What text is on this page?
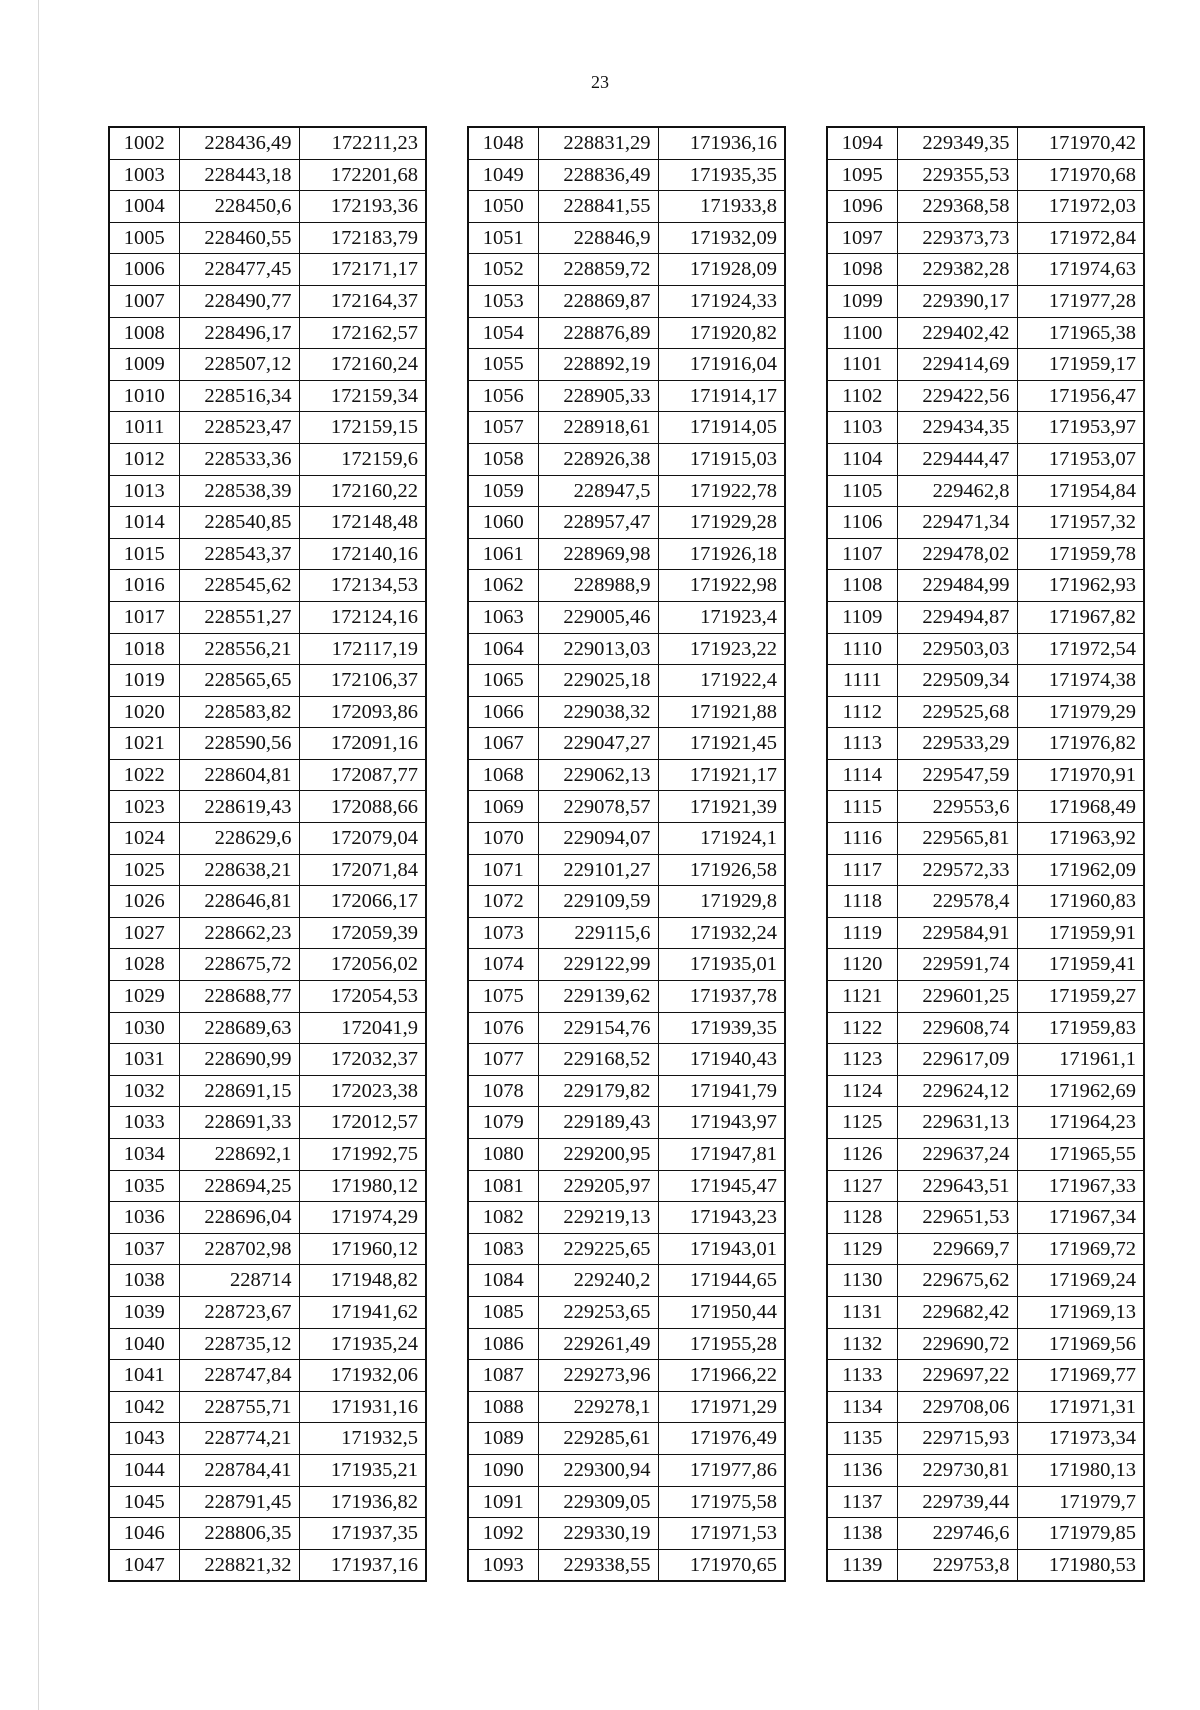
23
1002	228436,49	172211,23
1003	228443,18	172201,68
1004	228450,6	172193,36
1005	228460,55	172183,79
1006	228477,45	172171,17
1007	228490,77	172164,37
1008	228496,17	172162,57
1009	228507,12	172160,24
1010	228516,34	172159,34
1011	228523,47	172159,15
1012	228533,36	172159,6
1013	228538,39	172160,22
1014	228540,85	172148,48
1015	228543,37	172140,16
1016	228545,62	172134,53
1017	228551,27	172124,16
1018	228556,21	172117,19
1019	228565,65	172106,37
1020	228583,82	172093,86
1021	228590,56	172091,16
1022	228604,81	172087,77
1023	228619,43	172088,66
1024	228629,6	172079,04
1025	228638,21	172071,84
1026	228646,81	172066,17
1027	228662,23	172059,39
1028	228675,72	172056,02
1029	228688,77	172054,53
1030	228689,63	172041,9
1031	228690,99	172032,37
1032	228691,15	172023,38
1033	228691,33	172012,57
1034	228692,1	171992,75
1035	228694,25	171980,12
1036	228696,04	171974,29
1037	228702,98	171960,12
1038	228714	171948,82
1039	228723,67	171941,62
1040	228735,12	171935,24
1041	228747,84	171932,06
1042	228755,71	171931,16
1043	228774,21	171932,5
1044	228784,41	171935,21
1045	228791,45	171936,82
1046	228806,35	171937,35
1047	228821,32	171937,16
1048	228831,29	171936,16
1049	228836,49	171935,35
1050	228841,55	171933,8
1051	228846,9	171932,09
1052	228859,72	171928,09
1053	228869,87	171924,33
1054	228876,89	171920,82
1055	228892,19	171916,04
1056	228905,33	171914,17
1057	228918,61	171914,05
1058	228926,38	171915,03
1059	228947,5	171922,78
1060	228957,47	171929,28
1061	228969,98	171926,18
1062	228988,9	171922,98
1063	229005,46	171923,4
1064	229013,03	171923,22
1065	229025,18	171922,4
1066	229038,32	171921,88
1067	229047,27	171921,45
1068	229062,13	171921,17
1069	229078,57	171921,39
1070	229094,07	171924,1
1071	229101,27	171926,58
1072	229109,59	171929,8
1073	229115,6	171932,24
1074	229122,99	171935,01
1075	229139,62	171937,78
1076	229154,76	171939,35
1077	229168,52	171940,43
1078	229179,82	171941,79
1079	229189,43	171943,97
1080	229200,95	171947,81
1081	229205,97	171945,47
1082	229219,13	171943,23
1083	229225,65	171943,01
1084	229240,2	171944,65
1085	229253,65	171950,44
1086	229261,49	171955,28
1087	229273,96	171966,22
1088	229278,1	171971,29
1089	229285,61	171976,49
1090	229300,94	171977,86
1091	229309,05	171975,58
1092	229330,19	171971,53
1093	229338,55	171970,65
1094	229349,35	171970,42
1095	229355,53	171970,68
1096	229368,58	171972,03
1097	229373,73	171972,84
1098	229382,28	171974,63
1099	229390,17	171977,28
1100	229402,42	171965,38
1101	229414,69	171959,17
1102	229422,56	171956,47
1103	229434,35	171953,97
1104	229444,47	171953,07
1105	229462,8	171954,84
1106	229471,34	171957,32
1107	229478,02	171959,78
1108	229484,99	171962,93
1109	229494,87	171967,82
1110	229503,03	171972,54
1111	229509,34	171974,38
1112	229525,68	171979,29
1113	229533,29	171976,82
1114	229547,59	171970,91
1115	229553,6	171968,49
1116	229565,81	171963,92
1117	229572,33	171962,09
1118	229578,4	171960,83
1119	229584,91	171959,91
1120	229591,74	171959,41
1121	229601,25	171959,27
1122	229608,74	171959,83
1123	229617,09	171961,1
1124	229624,12	171962,69
1125	229631,13	171964,23
1126	229637,24	171965,55
1127	229643,51	171967,33
1128	229651,53	171967,34
1129	229669,7	171969,72
1130	229675,62	171969,24
1131	229682,42	171969,13
1132	229690,72	171969,56
1133	229697,22	171969,77
1134	229708,06	171971,31
1135	229715,93	171973,34
1136	229730,81	171980,13
1137	229739,44	171979,7
1138	229746,6	171979,85
1139	229753,8	171980,53
